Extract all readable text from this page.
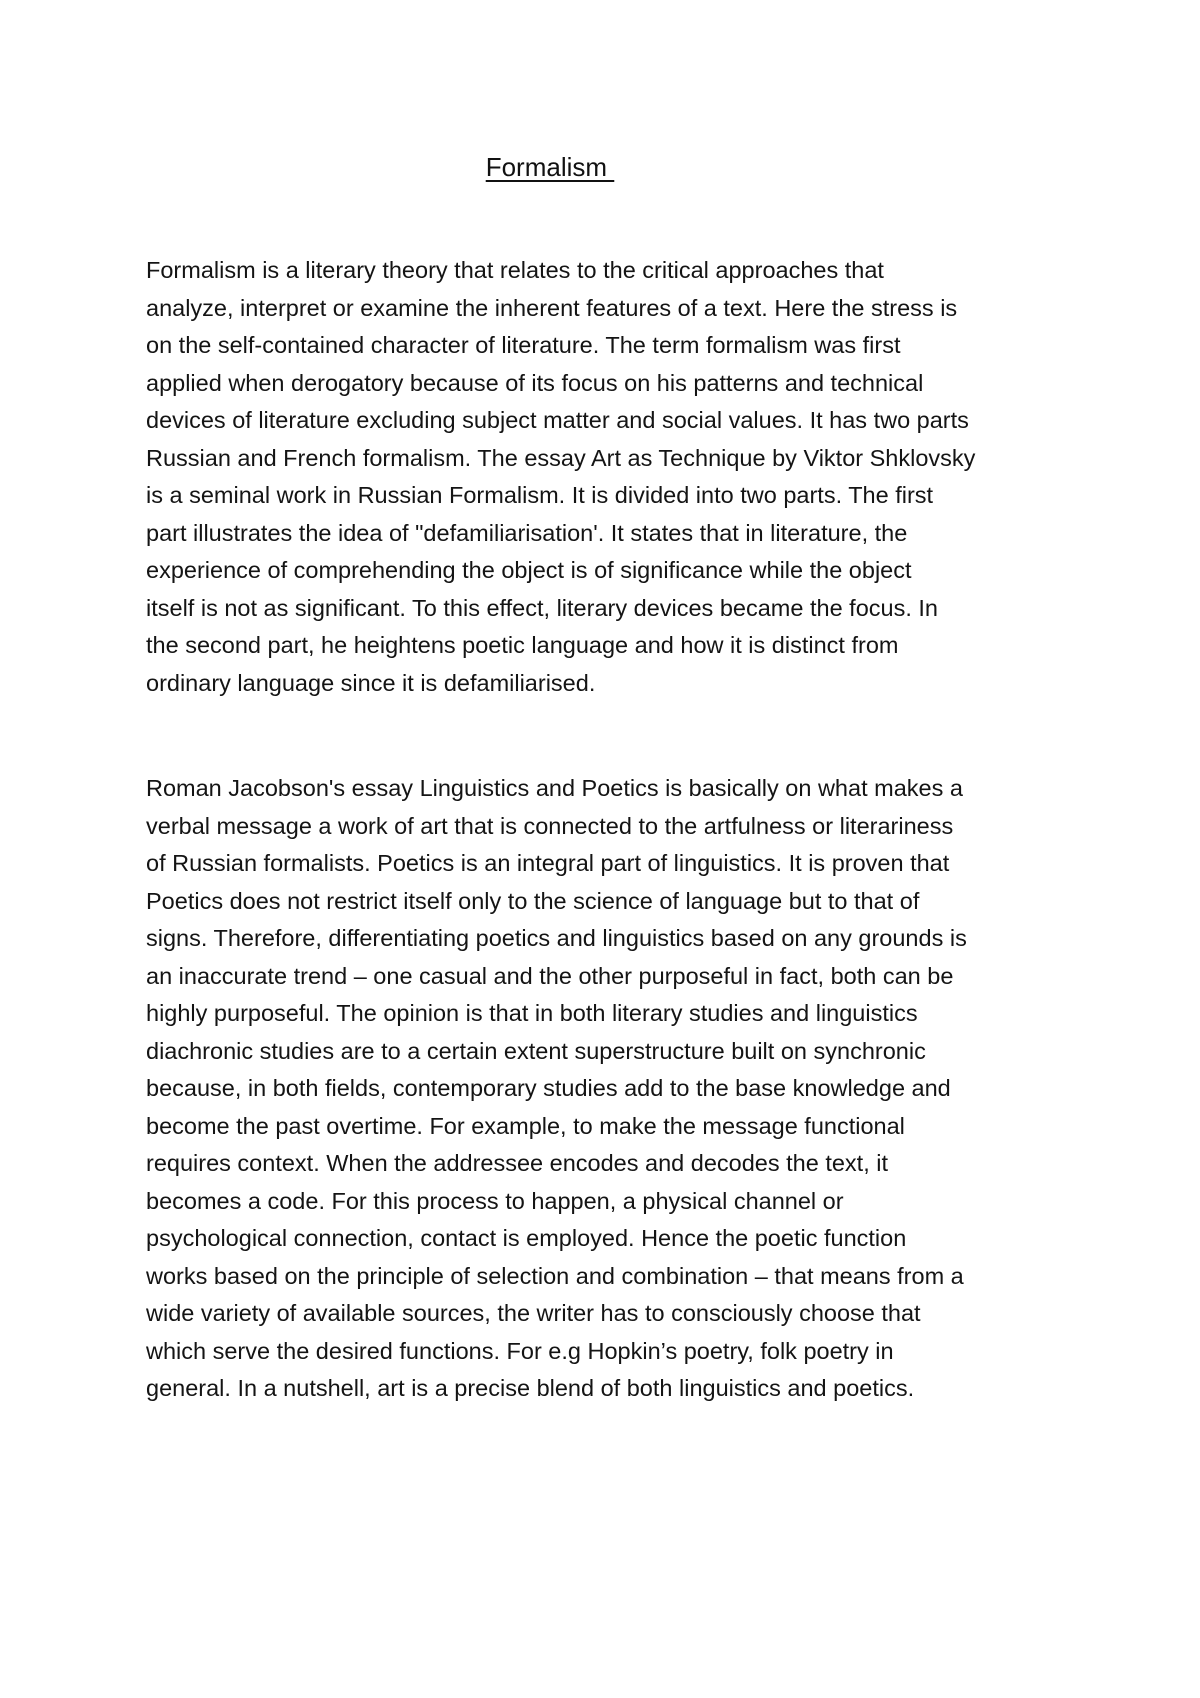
Formalism
Formalism is a literary theory that relates to the critical approaches that
analyze, interpret or examine the inherent features of a text. Here the stress is
on the self-contained character of literature. The term formalism was first
applied when derogatory because of its focus on his patterns and technical
devices of literature excluding subject matter and social values. It has two parts
Russian and French formalism. The essay Art as Technique by Viktor Shklovsky
is a seminal work in Russian Formalism. It is divided into two parts. The first
part illustrates the idea of "defamiliarisation'. It states that in literature, the
experience of comprehending the object is of significance while the object
itself is not as significant. To this effect, literary devices became the focus. In
the second part, he heightens poetic language and how it is distinct from
ordinary language since it is defamiliarised.
Roman Jacobson's essay Linguistics and Poetics is basically on what makes a
verbal message a work of art that is connected to the artfulness or literariness
of Russian formalists. Poetics is an integral part of linguistics. It is proven that
Poetics does not restrict itself only to the science of language but to that of
signs. Therefore, differentiating poetics and linguistics based on any grounds is
an inaccurate trend – one casual and the other purposeful in fact, both can be
highly purposeful. The opinion is that in both literary studies and linguistics
diachronic studies are to a certain extent superstructure built on synchronic
because, in both fields, contemporary studies add to the base knowledge and
become the past overtime. For example, to make the message functional
requires context. When the addressee encodes and decodes the text, it
becomes a code. For this process to happen, a physical channel or
psychological connection, contact is employed. Hence the poetic function
works based on the principle of selection and combination – that means from a
wide variety of available sources, the writer has to consciously choose that
which serve the desired functions. For e.g Hopkin’s poetry, folk poetry in
general. In a nutshell, art is a precise blend of both linguistics and poetics.
